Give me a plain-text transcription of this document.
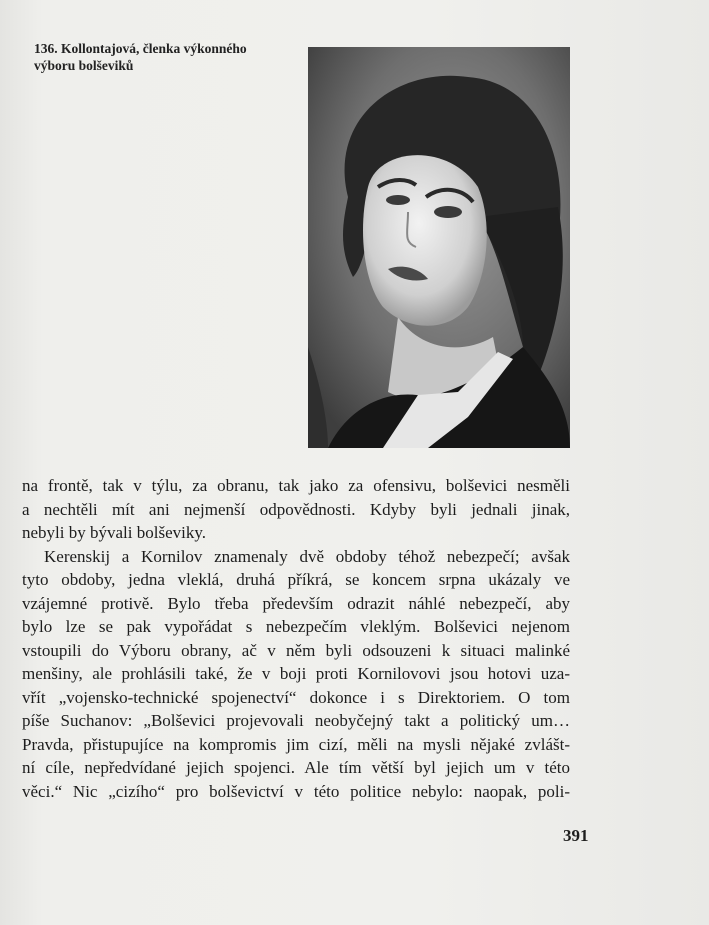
136. Kollontajová, členka výkonného
výboru bolševiků
na frontě, tak v týlu, za obranu, tak jako za ofensivu, bolševici nesměli
a nechtěli mít ani nejmenší odpovědnosti. Kdyby byli jednali jinak,
nebyli by bývali bolševiky.
Kerenskij a Kornilov znamenaly dvě obdoby téhož nebezpečí; avšak
tyto obdoby, jedna vleklá, druhá příkrá, se koncem srpna ukázaly ve
vzájemné protivě. Bylo třeba především odrazit náhlé nebezpečí, aby
bylo lze se pak vypořádat s nebezpečím vleklým. Bolševici nejenom
vstoupili do Výboru obrany, ač v něm byli odsouzeni k situaci malinké
menšiny, ale prohlásili také, že v boji proti Kornilovovi jsou hotovi uza-
vřít „vojensko-technické spojenectví“ dokonce i s Direktoriem. O tom
píše Suchanov: „Bolševici projevovali neobyčejný takt a politický um…
Pravda, přistupujíce na kompromis jim cizí, měli na mysli nějaké zvlášt-
ní cíle, nepředvídané jejich spojenci. Ale tím větší byl jejich um v této
věci.“ Nic „cizího“ pro bolševictví v této politice nebylo: naopak, poli-
391
